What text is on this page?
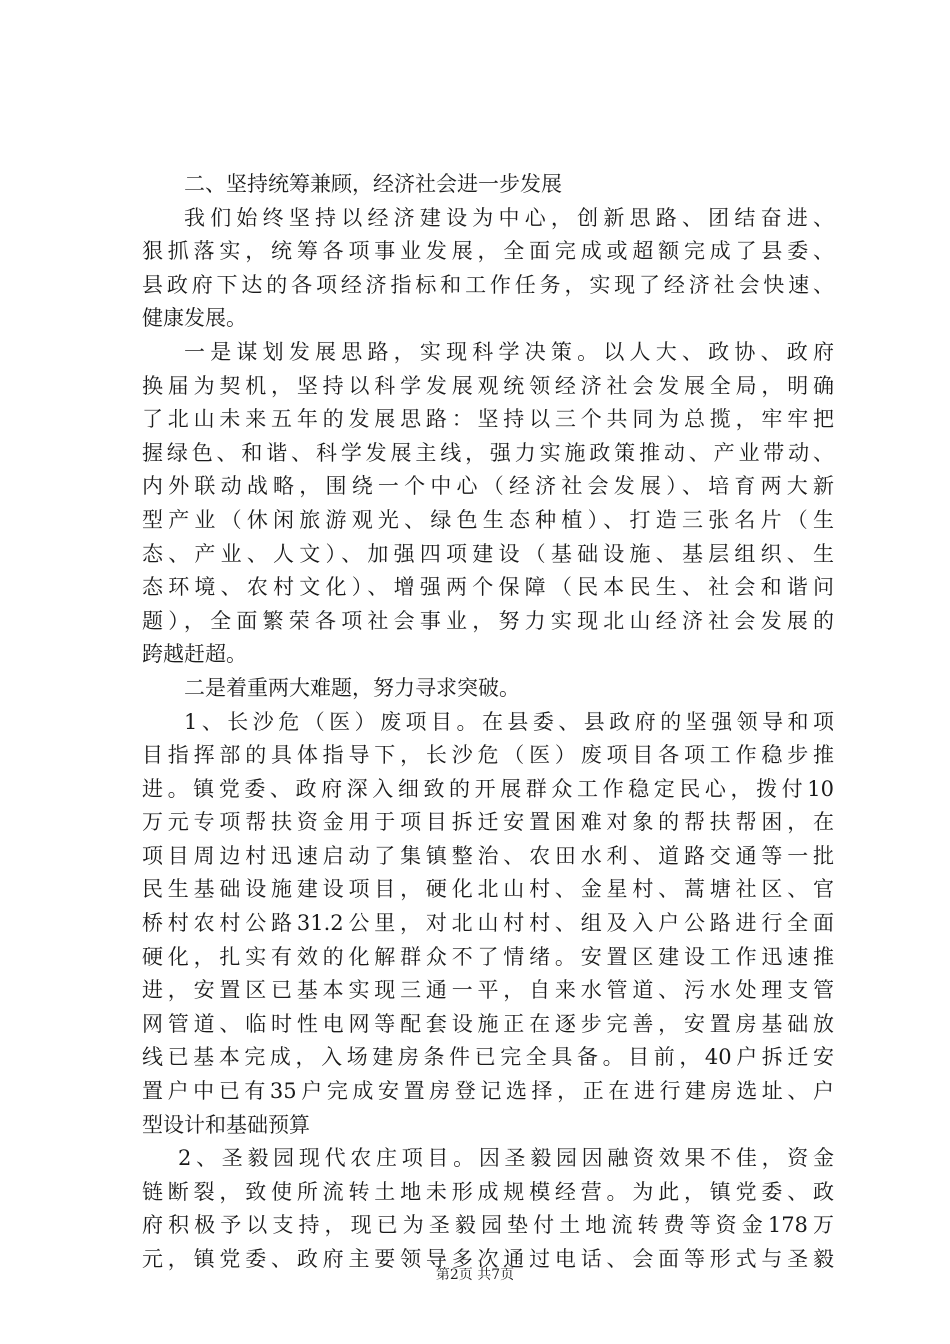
二、坚持统筹兼顾，经济社会进一步发展
我们始终坚持以经济建设为中心，创新思路、团结奋进、
狠抓落实，统筹各项事业发展，全面完成或超额完成了县委、
县政府下达的各项经济指标和工作任务，实现了经济社会快速、
健康发展。
一是谋划发展思路，实现科学决策。以人大、政协、政府
换届为契机，坚持以科学发展观统领经济社会发展全局，明确
了北山未来五年的发展思路：坚持以三个共同为总揽，牢牢把
握绿色、和谐、科学发展主线，强力实施政策推动、产业带动、
内外联动战略，围绕一个中心（经济社会发展）、培育两大新
型产业（休闲旅游观光、绿色生态种植）、打造三张名片（生
态、产业、人文）、加强四项建设（基础设施、基层组织、生
态环境、农村文化）、增强两个保障（民本民生、社会和谐问
题），全面繁荣各项社会事业，努力实现北山经济社会发展的
跨越赶超。
二是着重两大难题，努力寻求突破。
1、长沙危（医）废项目。在县委、县政府的坚强领导和项
目指挥部的具体指导下，长沙危（医）废项目各项工作稳步推
进。镇党委、政府深入细致的开展群众工作稳定民心，拨付10
万元专项帮扶资金用于项目拆迁安置困难对象的帮扶帮困，在
项目周边村迅速启动了集镇整治、农田水利、道路交通等一批
民生基础设施建设项目，硬化北山村、金星村、蒿塘社区、官
桥村农村公路31.2公里，对北山村村、组及入户公路进行全面
硬化，扎实有效的化解群众不了情绪。安置区建设工作迅速推
进，安置区已基本实现三通一平，自来水管道、污水处理支管
网管道、临时性电网等配套设施正在逐步完善，安置房基础放
线已基本完成，入场建房条件已完全具备。目前，40户拆迁安
置户中已有35户完成安置房登记选择，正在进行建房选址、户
型设计和基础预算
2、圣毅园现代农庄项目。因圣毅园因融资效果不佳，资金
链断裂，致使所流转土地未形成规模经营。为此，镇党委、政
府积极予以支持，现已为圣毅园垫付土地流转费等资金178万
元，镇党委、政府主要领导多次通过电话、会面等形式与圣毅
第2页 共7页
